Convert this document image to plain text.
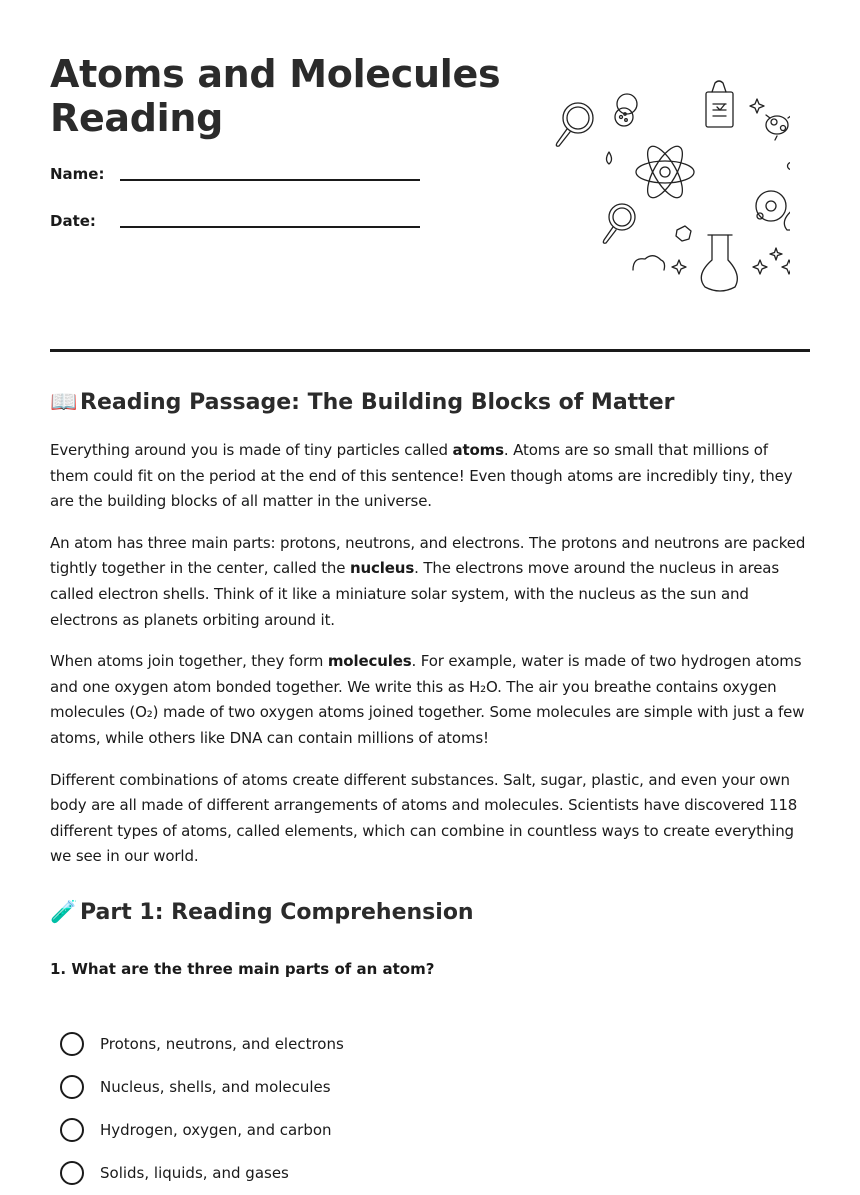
Atoms and Molecules
Reading
Name:
Date:
📖 Reading Passage: The Building Blocks of Matter

Everything around you is made of tiny particles called atoms. Atoms are so small that millions of them could fit on the period at the end of this sentence! Even though atoms are incredibly tiny, they are the building blocks of all matter in the universe.

An atom has three main parts: protons, neutrons, and electrons. The protons and neutrons are packed tightly together in the center, called the nucleus. The electrons move around the nucleus in areas called electron shells. Think of it like a miniature solar system, with the nucleus as the sun and electrons as planets orbiting around it.

When atoms join together, they form molecules. For example, water is made of two hydrogen atoms and one oxygen atom bonded together. We write this as H₂O. The air you breathe contains oxygen molecules (O₂) made of two oxygen atoms joined together. Some molecules are simple with just a few atoms, while others like DNA can contain millions of atoms!

Different combinations of atoms create different substances. Salt, sugar, plastic, and even your own body are all made of different arrangements of atoms and molecules. Scientists have discovered 118 different types of atoms, called elements, which can combine in countless ways to create everything we see in our world.

🧪 Part 1: Reading Comprehension
1. What are the three main parts of an atom?
Protons, neutrons, and electrons
Nucleus, shells, and molecules
Hydrogen, oxygen, and carbon
Solids, liquids, and gases
